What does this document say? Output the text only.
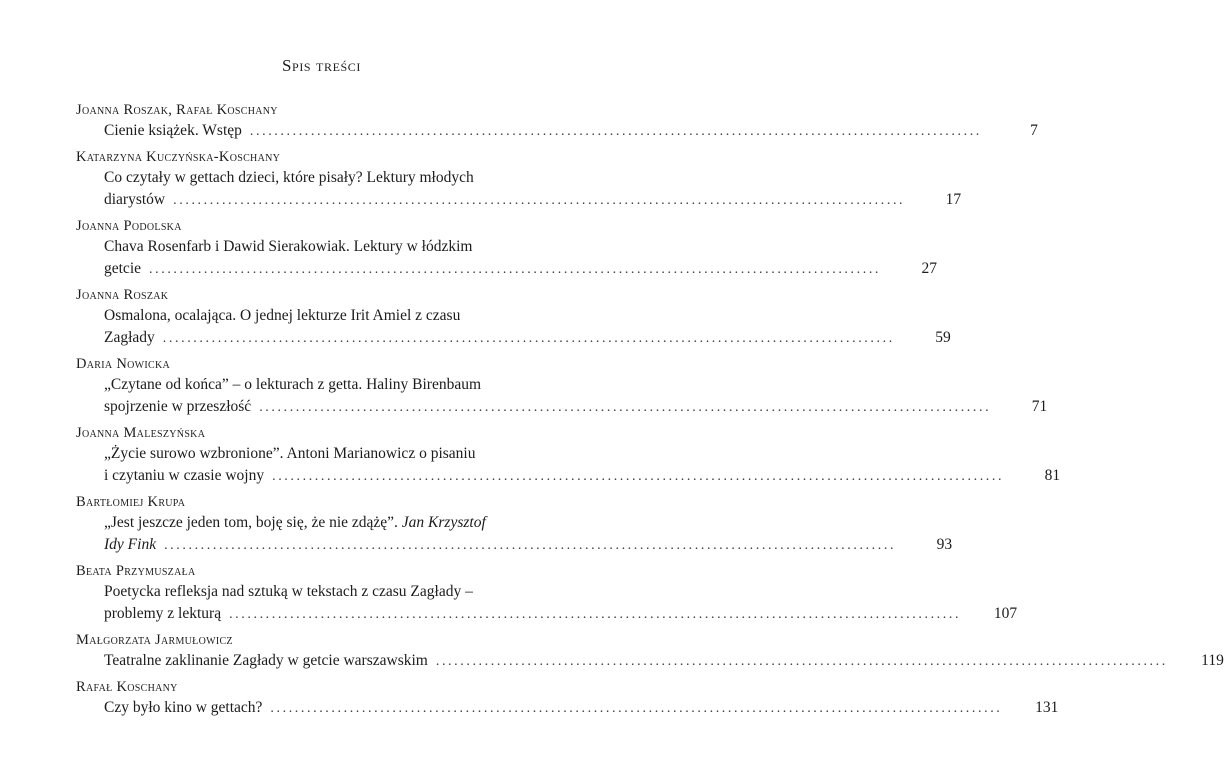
Spis treści
Joanna Roszak, Rafał Koschany
Cienie książek. Wstęp ........................................................................................................................	7
Katarzyna Kuczyńska-Koschany
Co czytały w gettach dzieci, które pisały? Lektury młodych
diarystów ........................................................................................................................	17
Joanna Podolska
Chava Rosenfarb i Dawid Sierakowiak. Lektury w łódzkim
getcie ........................................................................................................................	27
Joanna Roszak
Osmalona, ocalająca. O jednej lekturze Irit Amiel z czasu
Zagłady ........................................................................................................................	59
Daria Nowicka
„Czytane od końca” – o lekturach z getta. Haliny Birenbaum
spojrzenie w przeszłość ........................................................................................................................	71
Joanna Maleszyńska
„Życie surowo wzbronione”. Antoni Marianowicz o pisaniu
i czytaniu w czasie wojny ........................................................................................................................	81
Bartłomiej Krupa
„Jest jeszcze jeden tom, boję się, że nie zdążę”. Jan Krzysztof
Idy Fink ........................................................................................................................	93
Beata Przymuszała
Poetycka refleksja nad sztuką w tekstach z czasu Zagłady –
problemy z lekturą ........................................................................................................................	107
Małgorzata Jarmułowicz
Teatralne zaklinanie Zagłady w getcie warszawskim ........................................................................................................................	119
Rafał Koschany
Czy było kino w gettach? ........................................................................................................................	131
